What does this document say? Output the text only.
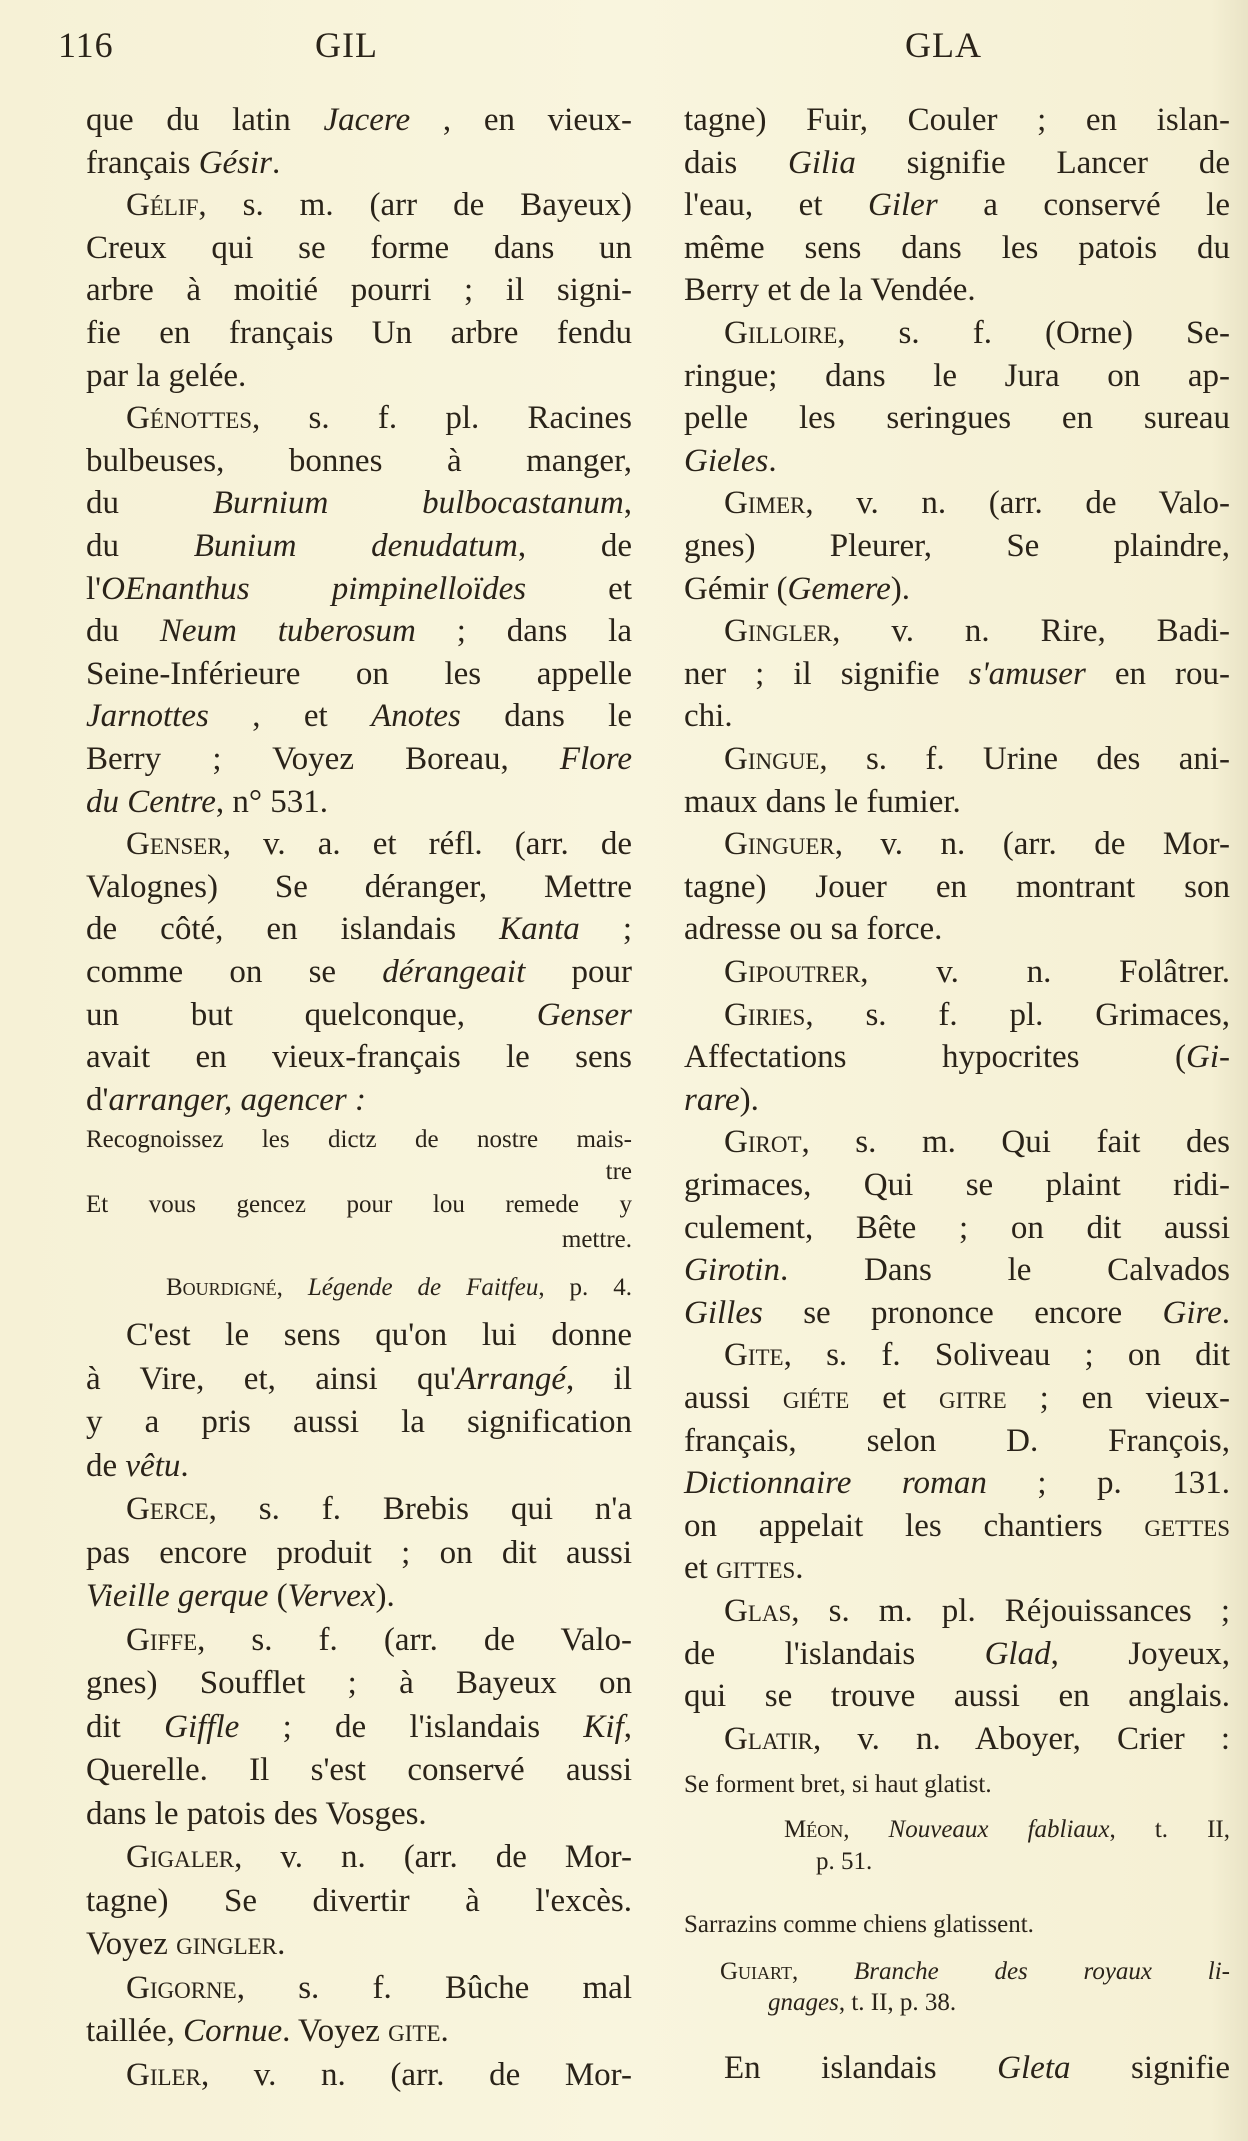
116	GIL	GLA
que du latin Jacere , en vieux-
français Gésir.
Gélif, s. m. (arr de Bayeux)
Creux qui se forme dans un
arbre à moitié pourri ; il signi-
fie en français Un arbre fendu
par la gelée.
Génottes, s. f. pl. Racines
bulbeuses, bonnes à manger,
du Burnium bulbocastanum,
du Bunium denudatum, de
l'OEnanthus pimpinelloïdes et
du Neum tuberosum ; dans la
Seine-Inférieure on les appelle
Jarnottes , et Anotes dans le
Berry ; Voyez Boreau, Flore
du Centre, n° 531.
Genser, v. a. et réfl. (arr. de
Valognes) Se déranger, Mettre
de côté, en islandais Kanta ;
comme on se dérangeait pour
un but quelconque, Genser
avait en vieux-français le sens
d'arranger, agencer :
Recognoissez les dictz de nostre mais-
tre
Et vous gencez pour lou remede y
mettre.
Bourdigné, Légende de Faitfeu, p. 4.
C'est le sens qu'on lui donne
à Vire, et, ainsi qu'Arrangé, il
y a pris aussi la signification
de vêtu.
Gerce, s. f. Brebis qui n'a
pas encore produit ; on dit aussi
Vieille gerque (Vervex).
Giffe, s. f. (arr. de Valo-
gnes) Soufflet ; à Bayeux on
dit Giffle ; de l'islandais Kif,
Querelle. Il s'est conservé aussi
dans le patois des Vosges.
Gigaler, v. n. (arr. de Mor-
tagne) Se divertir à l'excès.
Voyez gingler.
Gigorne, s. f. Bûche mal
taillée, Cornue. Voyez gite.
Giler, v. n. (arr. de Mor-
tagne) Fuir, Couler ; en islan-
dais Gilia signifie Lancer de
l'eau, et Giler a conservé le
même sens dans les patois du
Berry et de la Vendée.
Gilloire, s. f. (Orne) Se-
ringue; dans le Jura on ap-
pelle les seringues en sureau
Gieles.
Gimer, v. n. (arr. de Valo-
gnes) Pleurer, Se plaindre,
Gémir (Gemere).
Gingler, v. n. Rire, Badi-
ner ; il signifie s'amuser en rou-
chi.
Gingue, s. f. Urine des ani-
maux dans le fumier.
Ginguer, v. n. (arr. de Mor-
tagne) Jouer en montrant son
adresse ou sa force.
Gipoutrer, v. n. Folâtrer.
Giries, s. f. pl. Grimaces,
Affectations hypocrites (Gi-
rare).
Girot, s. m. Qui fait des
grimaces, Qui se plaint ridi-
culement, Bête ; on dit aussi
Girotin. Dans le Calvados
Gilles se prononce encore Gire.
Gite, s. f. Soliveau ; on dit
aussi giéte et gitre ; en vieux-
français, selon D. François,
Dictionnaire roman ; p. 131.
on appelait les chantiers gettes
et gittes.
Glas, s. m. pl. Réjouissances ;
de l'islandais Glad, Joyeux,
qui se trouve aussi en anglais.
Glatir, v. n. Aboyer, Crier :
Se forment bret, si haut glatist.
Méon, Nouveaux fabliaux, t. II,
p. 51.
Sarrazins comme chiens glatissent.
Guiart, Branche des royaux li-
gnages, t. II, p. 38.
En islandais Gleta signifie
